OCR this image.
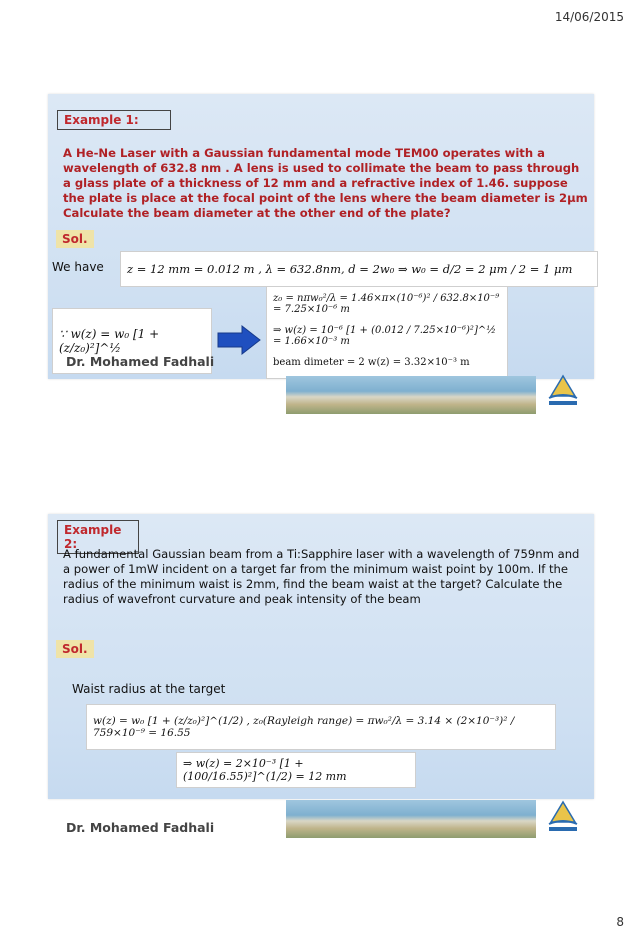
14/06/2015
Example 1:
A He-Ne Laser with a Gaussian fundamental mode TEM00 operates with a wavelength of 632.8 nm . A lens is used to collimate the beam to pass through a glass plate of a thickness of 12 mm and a refractive index of 1.46. suppose the plate is place at the focal point of the lens where the beam diameter is 2μm Calculate the beam diameter at the other end of the plate?
Sol.
We have	z = 12 mm = 0.012 m , λ = 632.8nm, d = 2w₀ ⇒ w₀ = d/2 = 2 μm / 2 = 1 μm
∵ w(z) = w₀ [1 + (z/z₀)²]^½
z₀ = nπw₀²/λ = 1.46×π×(10⁻⁶)² / 632.8×10⁻⁹ = 7.25×10⁻⁶ m
⇒ w(z) = 10⁻⁶ [1 + (0.012 / 7.25×10⁻⁶)²]^½ = 1.66×10⁻³ m
beam dimeter = 2 w(z) = 3.32×10⁻³ m
Dr. Mohamed Fadhali
Example 2:
A fundamental Gaussian beam from a Ti:Sapphire laser with a wavelength of 759nm and a power of 1mW incident on a target far from the minimum waist point by 100m. If the radius of the minimum waist is 2mm, find the beam waist at the target? Calculate the radius of wavefront curvature and peak intensity of the beam
Sol.
Waist radius at the target
w(z) = w₀ [1 + (z/z₀)²]^(1/2) , z₀(Rayleigh range) = πw₀²/λ = 3.14 × (2×10⁻³)² / 759×10⁻⁹ = 16.55
⇒ w(z) = 2×10⁻³ [1 + (100/16.55)²]^(1/2) = 12 mm
Dr. Mohamed Fadhali
8
